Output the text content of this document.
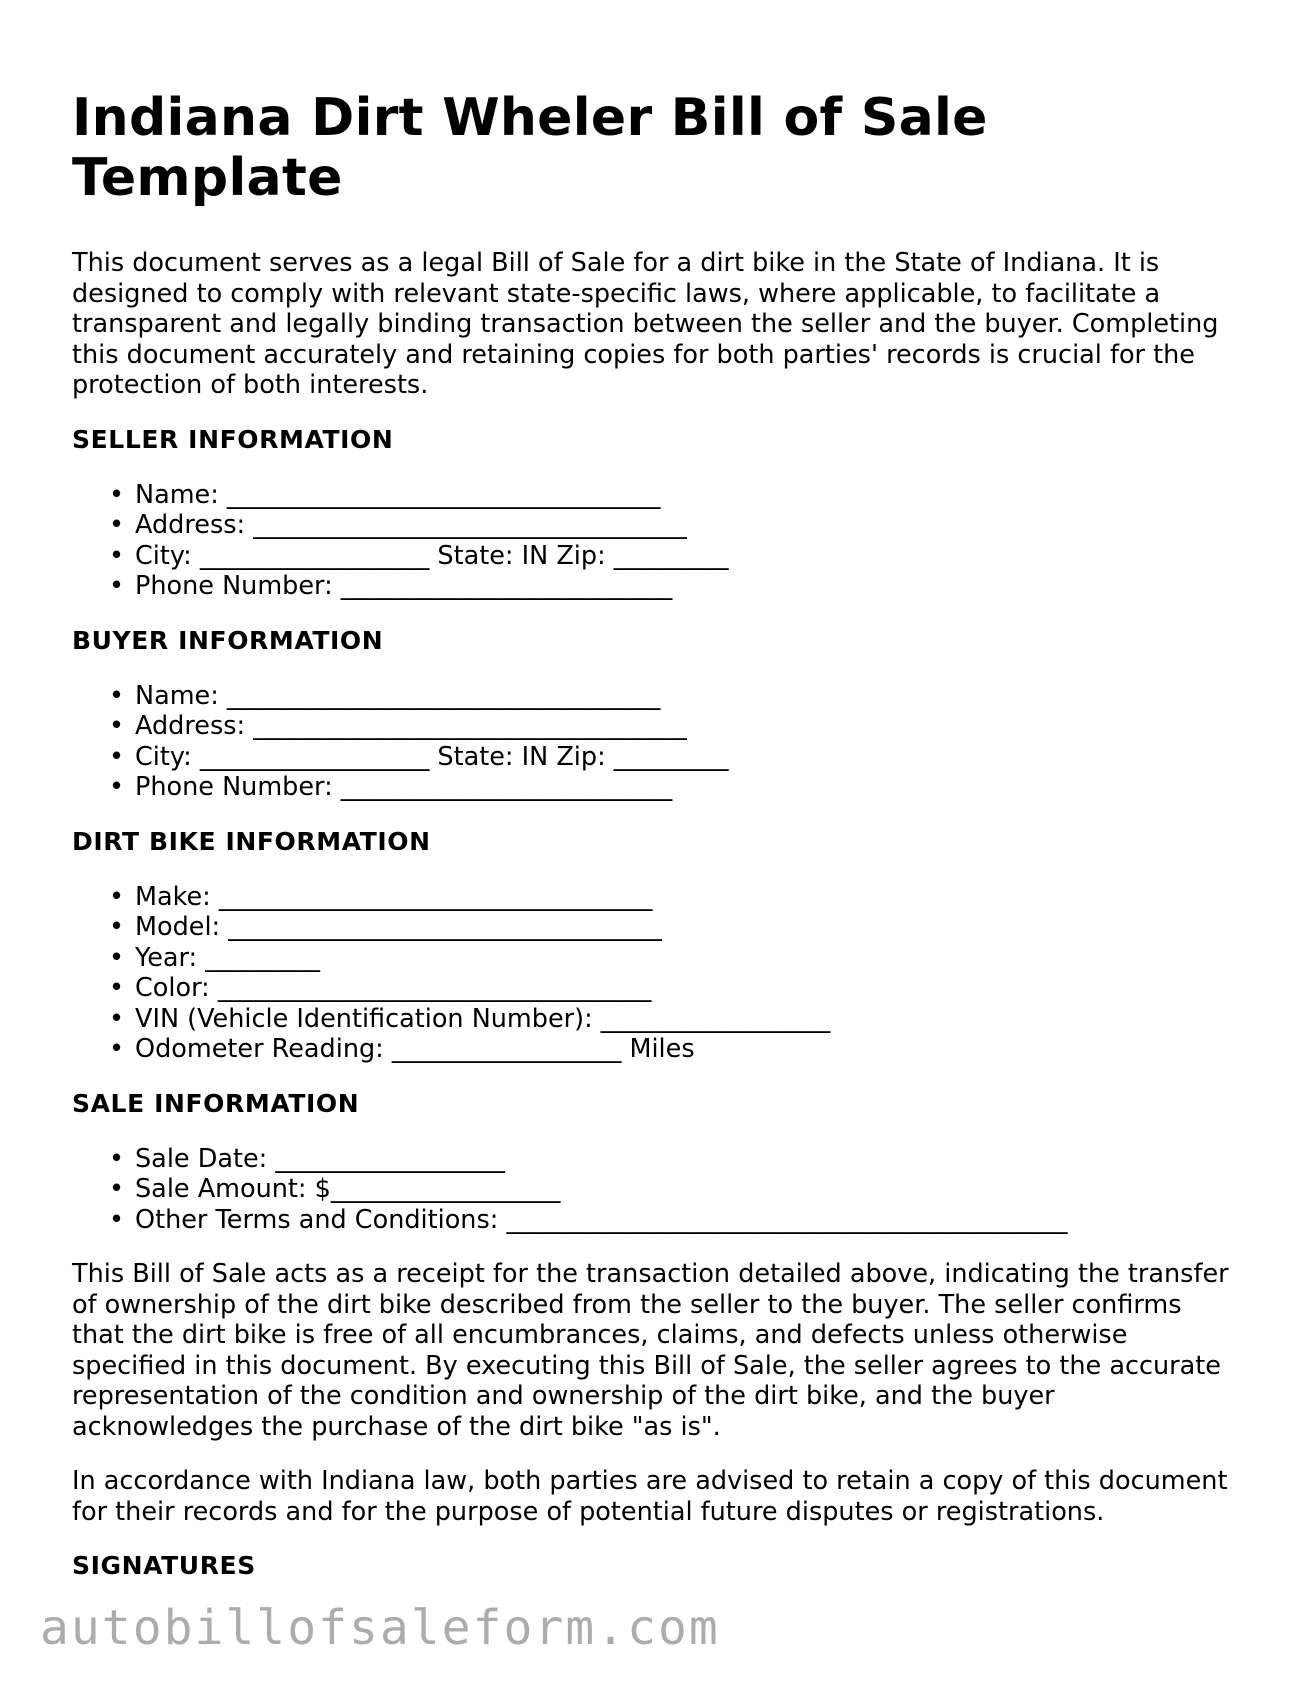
Indiana Dirt Wheler Bill of Sale Template

This document serves as a legal Bill of Sale for a dirt bike in the State of Indiana. It is designed to comply with relevant state-specific laws, where applicable, to facilitate a transparent and legally binding transaction between the seller and the buyer. Completing this document accurately and retaining copies for both parties' records is crucial for the protection of both interests.

SELLER INFORMATION
• Name: __________________________________
• Address: __________________________________
• City: __________________ State: IN Zip: _________
• Phone Number: __________________________
BUYER INFORMATION
• Name: __________________________________
• Address: __________________________________
• City: __________________ State: IN Zip: _________
• Phone Number: __________________________
DIRT BIKE INFORMATION
• Make: __________________________________
• Model: __________________________________
• Year: _________
• Color: __________________________________
• VIN (Vehicle Identification Number): __________________
• Odometer Reading: __________________ Miles
SALE INFORMATION
• Sale Date: __________________
• Sale Amount: $__________________
• Other Terms and Conditions: ____________________________________________

This Bill of Sale acts as a receipt for the transaction detailed above, indicating the transfer of ownership of the dirt bike described from the seller to the buyer. The seller confirms that the dirt bike is free of all encumbrances, claims, and defects unless otherwise specified in this document. By executing this Bill of Sale, the seller agrees to the accurate representation of the condition and ownership of the dirt bike, and the buyer acknowledges the purchase of the dirt bike "as is".

In accordance with Indiana law, both parties are advised to retain a copy of this document for their records and for the purpose of potential future disputes or registrations.

SIGNATURES
autobillofsaleform.com
